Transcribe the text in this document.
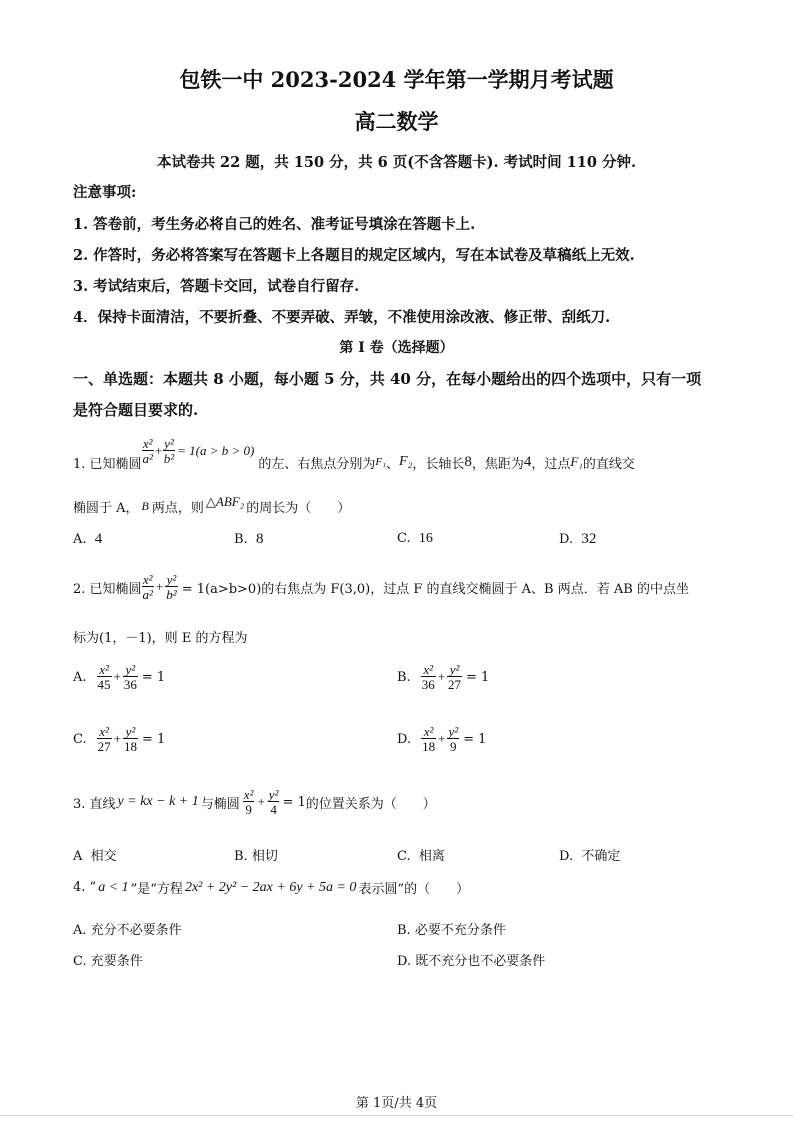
包铁一中 2023-2024 学年第一学期月考试题
高二数学
本试卷共 22 题，共 150 分，共 6 页(不含答题卡). 考试时间 110 分钟.
注意事项:
1. 答卷前，考生务必将自己的姓名、准考证号填涂在答题卡上.
2. 作答时，务必将答案写在答题卡上各题目的规定区域内，写在本试卷及草稿纸上无效.
3. 考试结束后，答题卡交回，试卷自行留存.
4．保持卡面清洁，不要折叠、不要弄破、弄皱，不准使用涂改液、修正带、刮纸刀.
第 I 卷（选择题）
一、单选题：本题共 8 小题，每小题 5 分，共 40 分，在每小题给出的四个选项中，只有一项
是符合题目要求的.
1. 已知椭圆 $\frac{\text{x²}}{\text{a²}} + \frac{\text{y²}}{\text{b²}} = 1(a > b > 0)$
的左、右焦点分别为 F₁ 、 F₂ ，长轴长 8 ，焦距为 4 ，过点 F₁ 的直线交
椭圆于 A， B 两点，则 △ABF₂ 的周长为（　　）
A. 4	B. 8	C. 16	D. 32
2. 已知椭圆 $\frac{\text{x²}}{\text{a²}} + \frac{\text{y²}}{\text{b²}} = 1(a>b>0)$的右焦点为 F(3,0)，过点 F 的直线交椭圆于 A、B 两点．若 AB 的中点坐
标为(1，－1)，则 E 的方程为
A. $\frac{\text{x²}}{45} + \frac{\text{y²}}{36} = 1$	B. $\frac{\text{x²}}{36} + \frac{\text{y²}}{27} = 1$
C. $\frac{\text{x²}}{27} + \frac{\text{y²}}{18} = 1$	D. $\frac{\text{x²}}{18} + \frac{\text{y²}}{9} = 1$
3. 直线 y = kx − k + 1 与椭圆 $\frac{\text{x²}}{9} + \frac{\text{y²}}{4} = 1$ 的位置关系为（　　）
A 相交	B. 相切	C. 相离	D. 不确定
4. “ a < 1 ”是“方程 2x² + 2y² − 2ax + 6y + 5a = 0 表示圆”的（　　）
A. 充分不必要条件	B. 必要不充分条件
C. 充要条件	D. 既不充分也不必要条件
第 1页/共 4页
